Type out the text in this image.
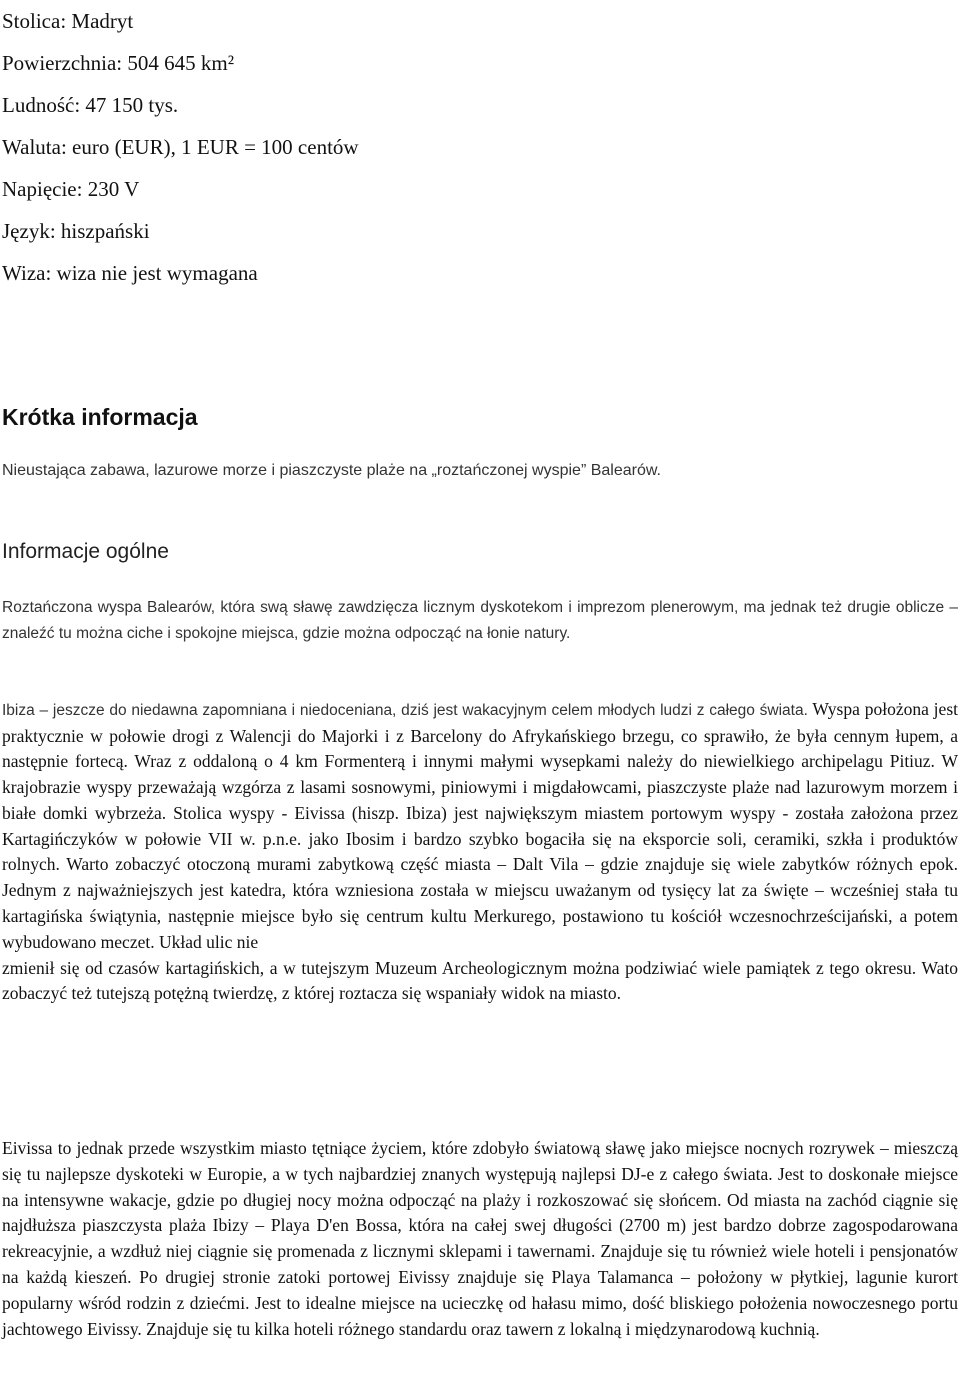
Stolica: Madryt
Powierzchnia: 504 645 km²
Ludność: 47 150 tys.
Waluta: euro (EUR), 1 EUR = 100 centów
Napięcie: 230 V
Język: hiszpański
Wiza: wiza nie jest wymagana
Krótka informacja
Nieustająca zabawa, lazurowe morze i piaszczyste plaże na „roztańczonej wyspie” Balearów.
Informacje ogólne
Roztańczona wyspa Balearów, która swą sławę zawdzięcza licznym dyskotekom i imprezom plenerowym, ma jednak też drugie oblicze – znaleźć tu można ciche i spokojne miejsca, gdzie można odpocząć na łonie natury.
Ibiza – jeszcze do niedawna zapomniana i niedoceniana, dziś jest wakacyjnym celem młodych ludzi z całego świata. Wyspa położona jest praktycznie w połowie drogi z Walencji do Majorki i z Barcelony do Afrykańskiego brzegu, co sprawiło, że była cennym łupem, a następnie fortecą. Wraz z oddaloną o 4 km Formenterą i innymi małymi wysepkami należy do niewielkiego archipelagu Pitiuz. W krajobrazie wyspy przeważają wzgórza z lasami sosnowymi, piniowymi i migdałowcami, piaszczyste plaże nad lazurowym morzem i białe domki wybrzeża. Stolica wyspy - Eivissa (hiszp. Ibiza) jest największym miastem portowym wyspy - została założona przez Kartagińczyków w połowie VII w. p.n.e. jako Ibosim i bardzo szybko bogaciła się na eksporcie soli, ceramiki, szkła i produktów rolnych. Warto zobaczyć otoczoną murami zabytkową część miasta – Dalt Vila – gdzie znajduje się wiele zabytków różnych epok. Jednym z najważniejszych jest katedra, która wzniesiona została w miejscu uważanym od tysięcy lat za święte – wcześniej stała tu kartagińska świątynia, następnie miejsce było się centrum kultu Merkurego, postawiono tu kościół wczesnochrześcijański, a potem wybudowano meczet. Układ ulic nie
zmienił się od czasów kartagińskich, a w tutejszym Muzeum Archeologicznym można podziwiać wiele pamiątek z tego okresu. Wato zobaczyć też tutejszą potężną twierdzę, z której roztacza się wspaniały widok na miasto.
Eivissa to jednak przede wszystkim miasto tętniące życiem, które zdobyło światową sławę jako miejsce nocnych rozrywek – mieszczą się tu najlepsze dyskoteki w Europie, a w tych najbardziej znanych występują najlepsi DJ-e z całego świata. Jest to doskonałe miejsce na intensywne wakacje, gdzie po długiej nocy można odpocząć na plaży i rozkoszować się słońcem. Od miasta na zachód ciągnie się najdłuższa piaszczysta plaża Ibizy – Playa D'en Bossa, która na całej swej długości (2700 m) jest bardzo dobrze zagospodarowana rekreacyjnie, a wzdłuż niej ciągnie się promenada z licznymi sklepami i tawernami. Znajduje się tu również wiele hoteli i pensjonatów na każdą kieszeń. Po drugiej stronie zatoki portowej Eivissy znajduje się Playa Talamanca – położony w płytkiej, lagunie kurort popularny wśród rodzin z dziećmi. Jest to idealne miejsce na ucieczkę od hałasu mimo, dość bliskiego położenia nowoczesnego portu jachtowego Eivissy. Znajduje się tu kilka hoteli różnego standardu oraz tawern z lokalną i międzynarodową kuchnią.
